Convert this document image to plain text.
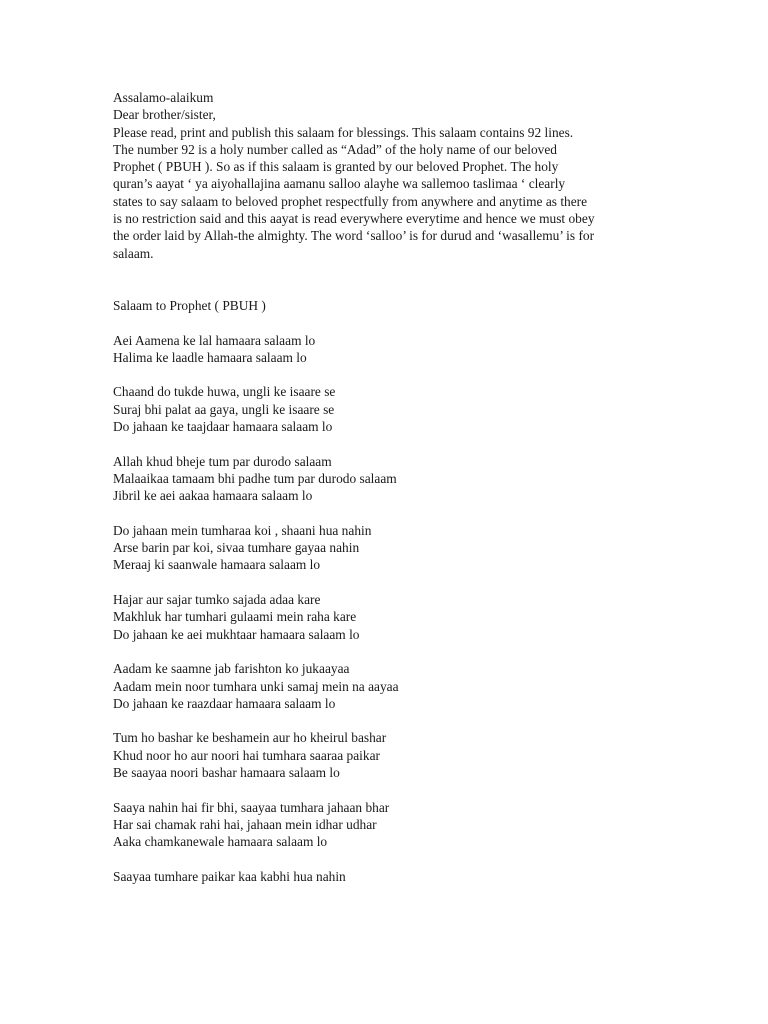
Assalamo-alaikum

Dear brother/sister,

Please read, print and publish this salaam for blessings. This salaam contains 92 lines.

The number 92 is a holy number called as “Adad” of the holy name of our beloved

Prophet ( PBUH ). So as if this salaam is granted by our beloved Prophet. The holy

quran’s aayat ‘ ya aiyohallajina aamanu salloo alayhe wa sallemoo taslimaa ‘ clearly

states to say salaam to beloved prophet respectfully from anywhere and anytime as there

is no restriction said and this aayat is read everywhere everytime and hence we must obey

the order laid by Allah-the almighty. The word ‘salloo’ is for durud and ‘wasallemu’ is for

salaam.

Salaam to Prophet ( PBUH )

Aei Aamena ke lal hamaara salaam lo

Halima ke laadle hamaara salaam lo

Chaand do tukde huwa, ungli ke isaare se

Suraj bhi palat aa gaya, ungli ke isaare se

Do jahaan ke taajdaar hamaara salaam lo

Allah khud bheje tum par durodo salaam

Malaaikaa tamaam bhi padhe tum par durodo salaam

Jibril ke aei aakaa hamaara salaam lo

Do jahaan mein tumharaa koi , shaani hua nahin

Arse barin par koi, sivaa tumhare gayaa nahin

Meraaj ki saanwale hamaara salaam lo

Hajar aur sajar tumko sajada adaa kare

Makhluk har tumhari gulaami mein raha kare

Do jahaan ke aei mukhtaar hamaara salaam lo

Aadam ke saamne jab farishton ko jukaayaa

Aadam mein noor tumhara unki samaj mein na aayaa

Do jahaan ke raazdaar hamaara salaam lo

Tum ho bashar ke beshamein aur ho kheirul bashar

Khud noor ho aur noori hai tumhara saaraa paikar

Be saayaa noori bashar hamaara salaam lo

Saaya nahin hai fir bhi, saayaa tumhara jahaan bhar

Har sai chamak rahi hai, jahaan mein idhar udhar

Aaka chamkanewale hamaara salaam lo

Saayaa tumhare paikar kaa kabhi hua nahin
